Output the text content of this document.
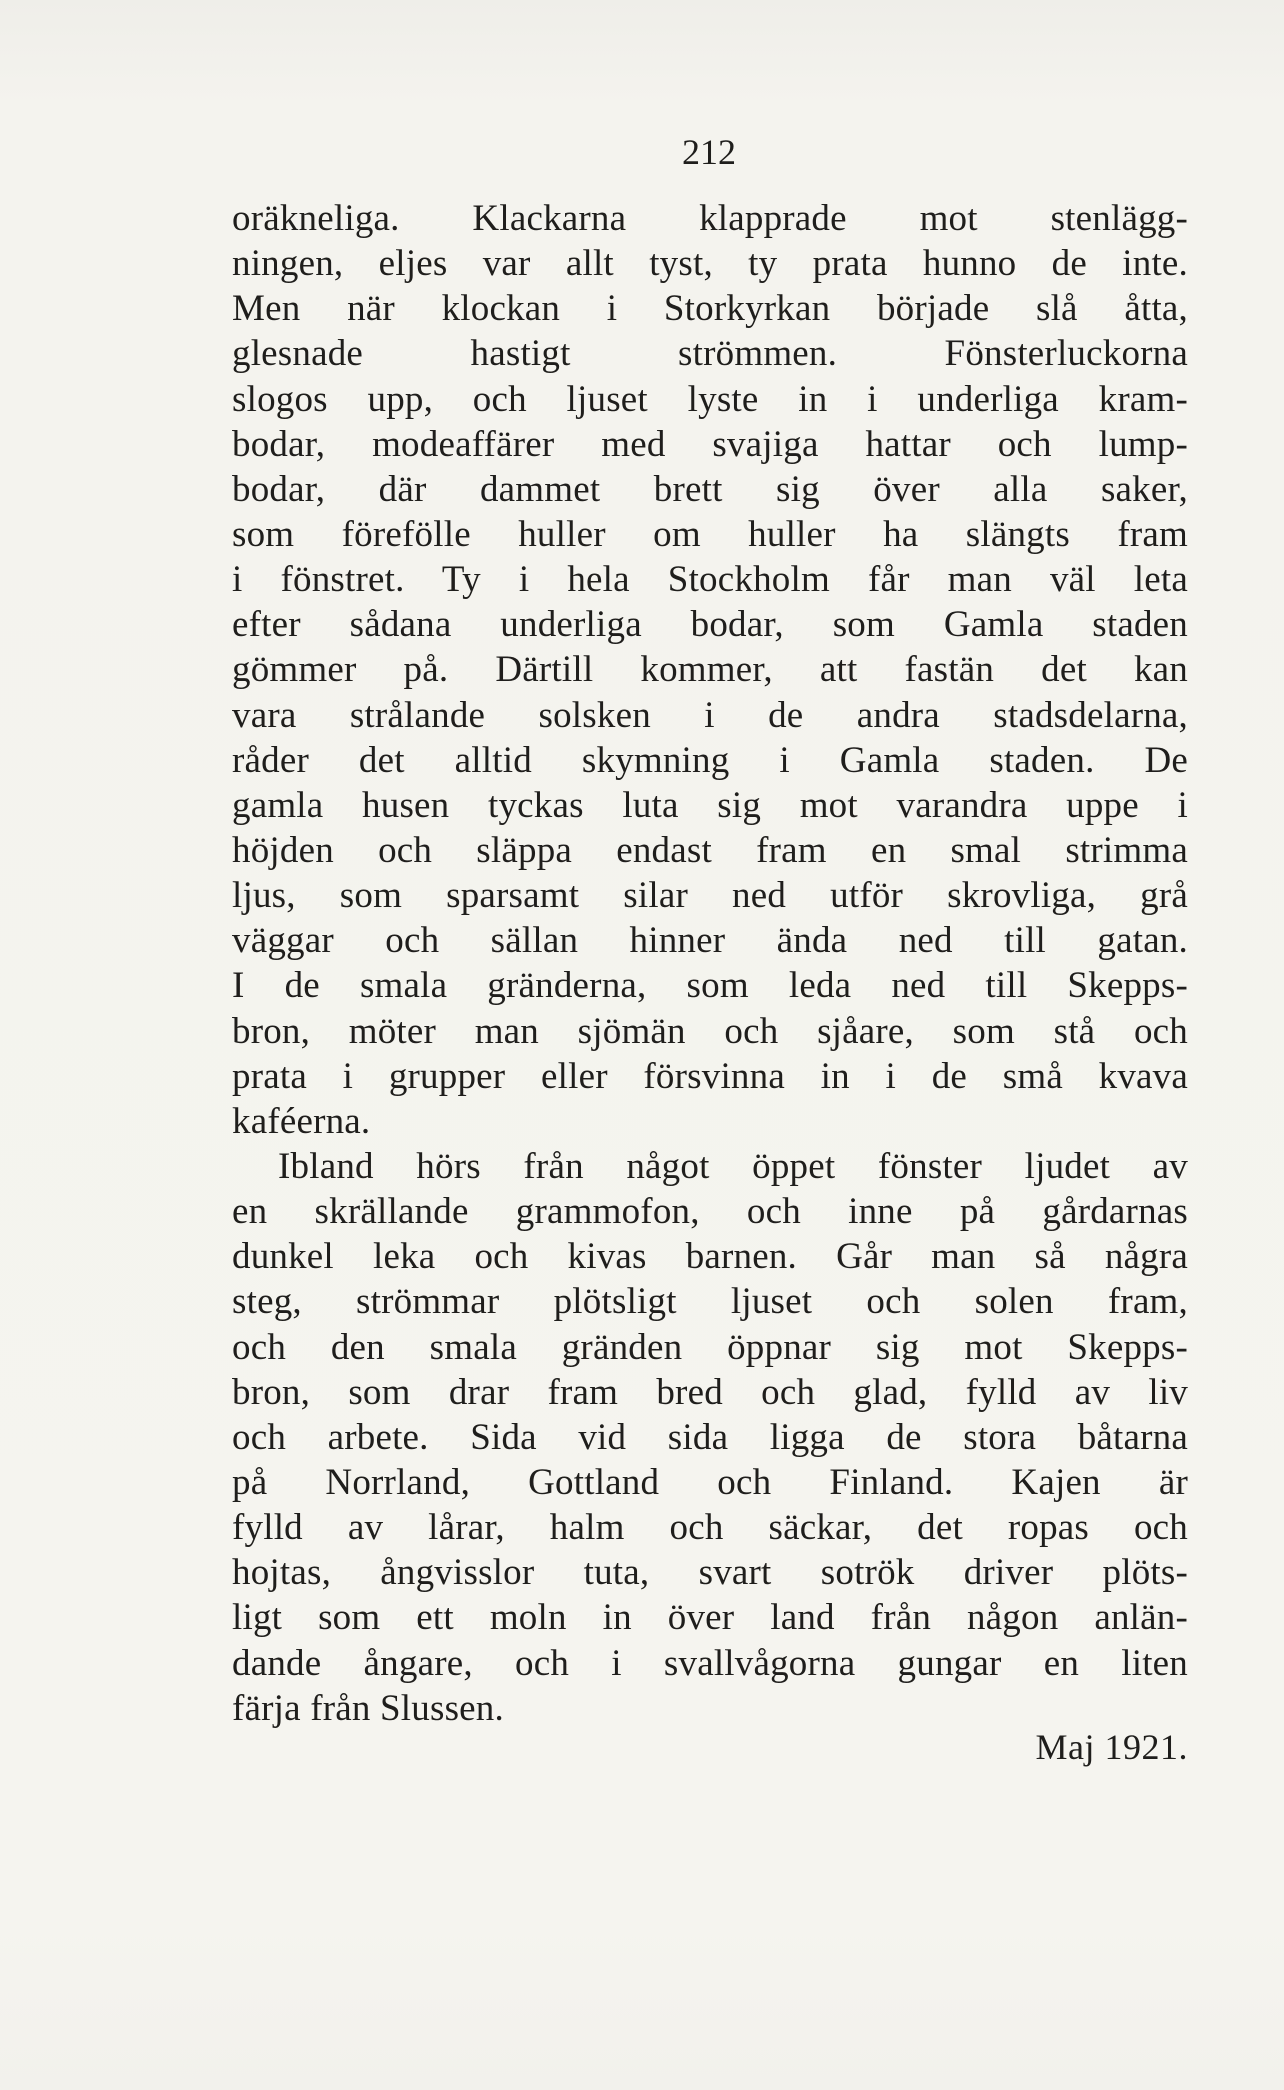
212
oräkneliga. Klackarna klapprade mot stenlägg-
ningen, eljes var allt tyst, ty prata hunno de inte.
Men när klockan i Storkyrkan började slå åtta,
glesnade hastigt strömmen. Fönsterluckorna
slogos upp, och ljuset lyste in i underliga kram-
bodar, modeaffärer med svajiga hattar och lump-
bodar, där dammet brett sig över alla saker,
som förefölle huller om huller ha slängts fram
i fönstret. Ty i hela Stockholm får man väl leta
efter sådana underliga bodar, som Gamla staden
gömmer på. Därtill kommer, att fastän det kan
vara strålande solsken i de andra stadsdelarna,
råder det alltid skymning i Gamla staden. De
gamla husen tyckas luta sig mot varandra uppe i
höjden och släppa endast fram en smal strimma
ljus, som sparsamt silar ned utför skrovliga, grå
väggar och sällan hinner ända ned till gatan.
I de smala gränderna, som leda ned till Skepps-
bron, möter man sjömän och sjåare, som stå och
prata i grupper eller försvinna in i de små kvava
kaféerna.
Ibland hörs från något öppet fönster ljudet av
en skrällande grammofon, och inne på gårdarnas
dunkel leka och kivas barnen. Går man så några
steg, strömmar plötsligt ljuset och solen fram,
och den smala gränden öppnar sig mot Skepps-
bron, som drar fram bred och glad, fylld av liv
och arbete. Sida vid sida ligga de stora båtarna
på Norrland, Gottland och Finland. Kajen är
fylld av lårar, halm och säckar, det ropas och
hojtas, ångvisslor tuta, svart sotrök driver plöts-
ligt som ett moln in över land från någon anlän-
dande ångare, och i svallvågorna gungar en liten
färja från Slussen.
Maj 1921.
